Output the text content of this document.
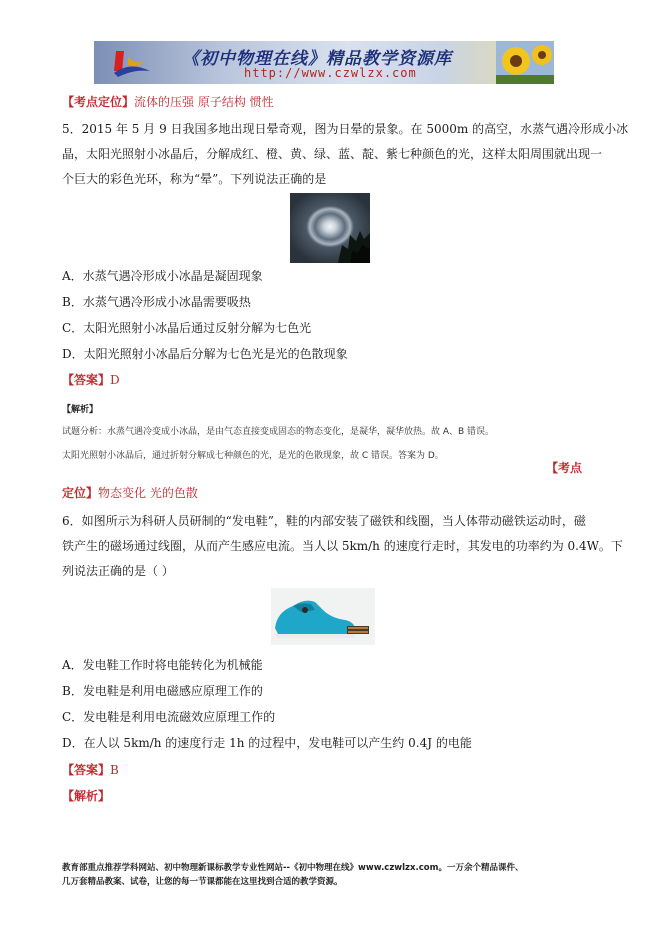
《初中物理在线》精品教学资源库
http://www.czwlzx.com
【考点定位】流体的压强 原子结构 惯性
5．2015 年 5 月 9 日我国多地出现日晕奇观，图为日晕的景象。在 5000m 的高空，水蒸气遇冷形成小冰
晶，太阳光照射小冰晶后，分解成红、橙、黄、绿、蓝、靛、紫七种颜色的光，这样太阳周围就出现一
个巨大的彩色光环，称为“晕”。下列说法正确的是
A．水蒸气遇冷形成小冰晶是凝固现象
B．水蒸气遇冷形成小冰晶需要吸热
C．太阳光照射小冰晶后通过反射分解为七色光
D．太阳光照射小冰晶后分解为七色光是光的色散现象
【答案】D
【解析】
试题分析：水蒸气遇冷变成小冰晶，是由气态直接变成固态的物态变化，是凝华，凝华放热。故 A、B 错误。
太阳光照射小冰晶后，通过折射分解成七种颜色的光，是光的色散现象，故 C 错误。答案为 D。
【考点
定位】物态变化 光的色散
6．如图所示为科研人员研制的“发电鞋”，鞋的内部安装了磁铁和线圈，当人体带动磁铁运动时，磁
铁产生的磁场通过线圈，从而产生感应电流。当人以 5km/h 的速度行走时，其发电的功率约为 0.4W。下
列说法正确的是（ ）
A．发电鞋工作时将电能转化为机械能
B．发电鞋是利用电磁感应原理工作的
C．发电鞋是利用电流磁效应原理工作的
D．在人以 5km/h 的速度行走 1h 的过程中，发电鞋可以产生约 0.4J 的电能
【答案】B
【解析】
教育部重点推荐学科网站、初中物理新课标教学专业性网站--《初中物理在线》www.czwlzx.com。一万余个精品课件、
几万套精品教案、试卷，让您的每一节课都能在这里找到合适的教学资源。
